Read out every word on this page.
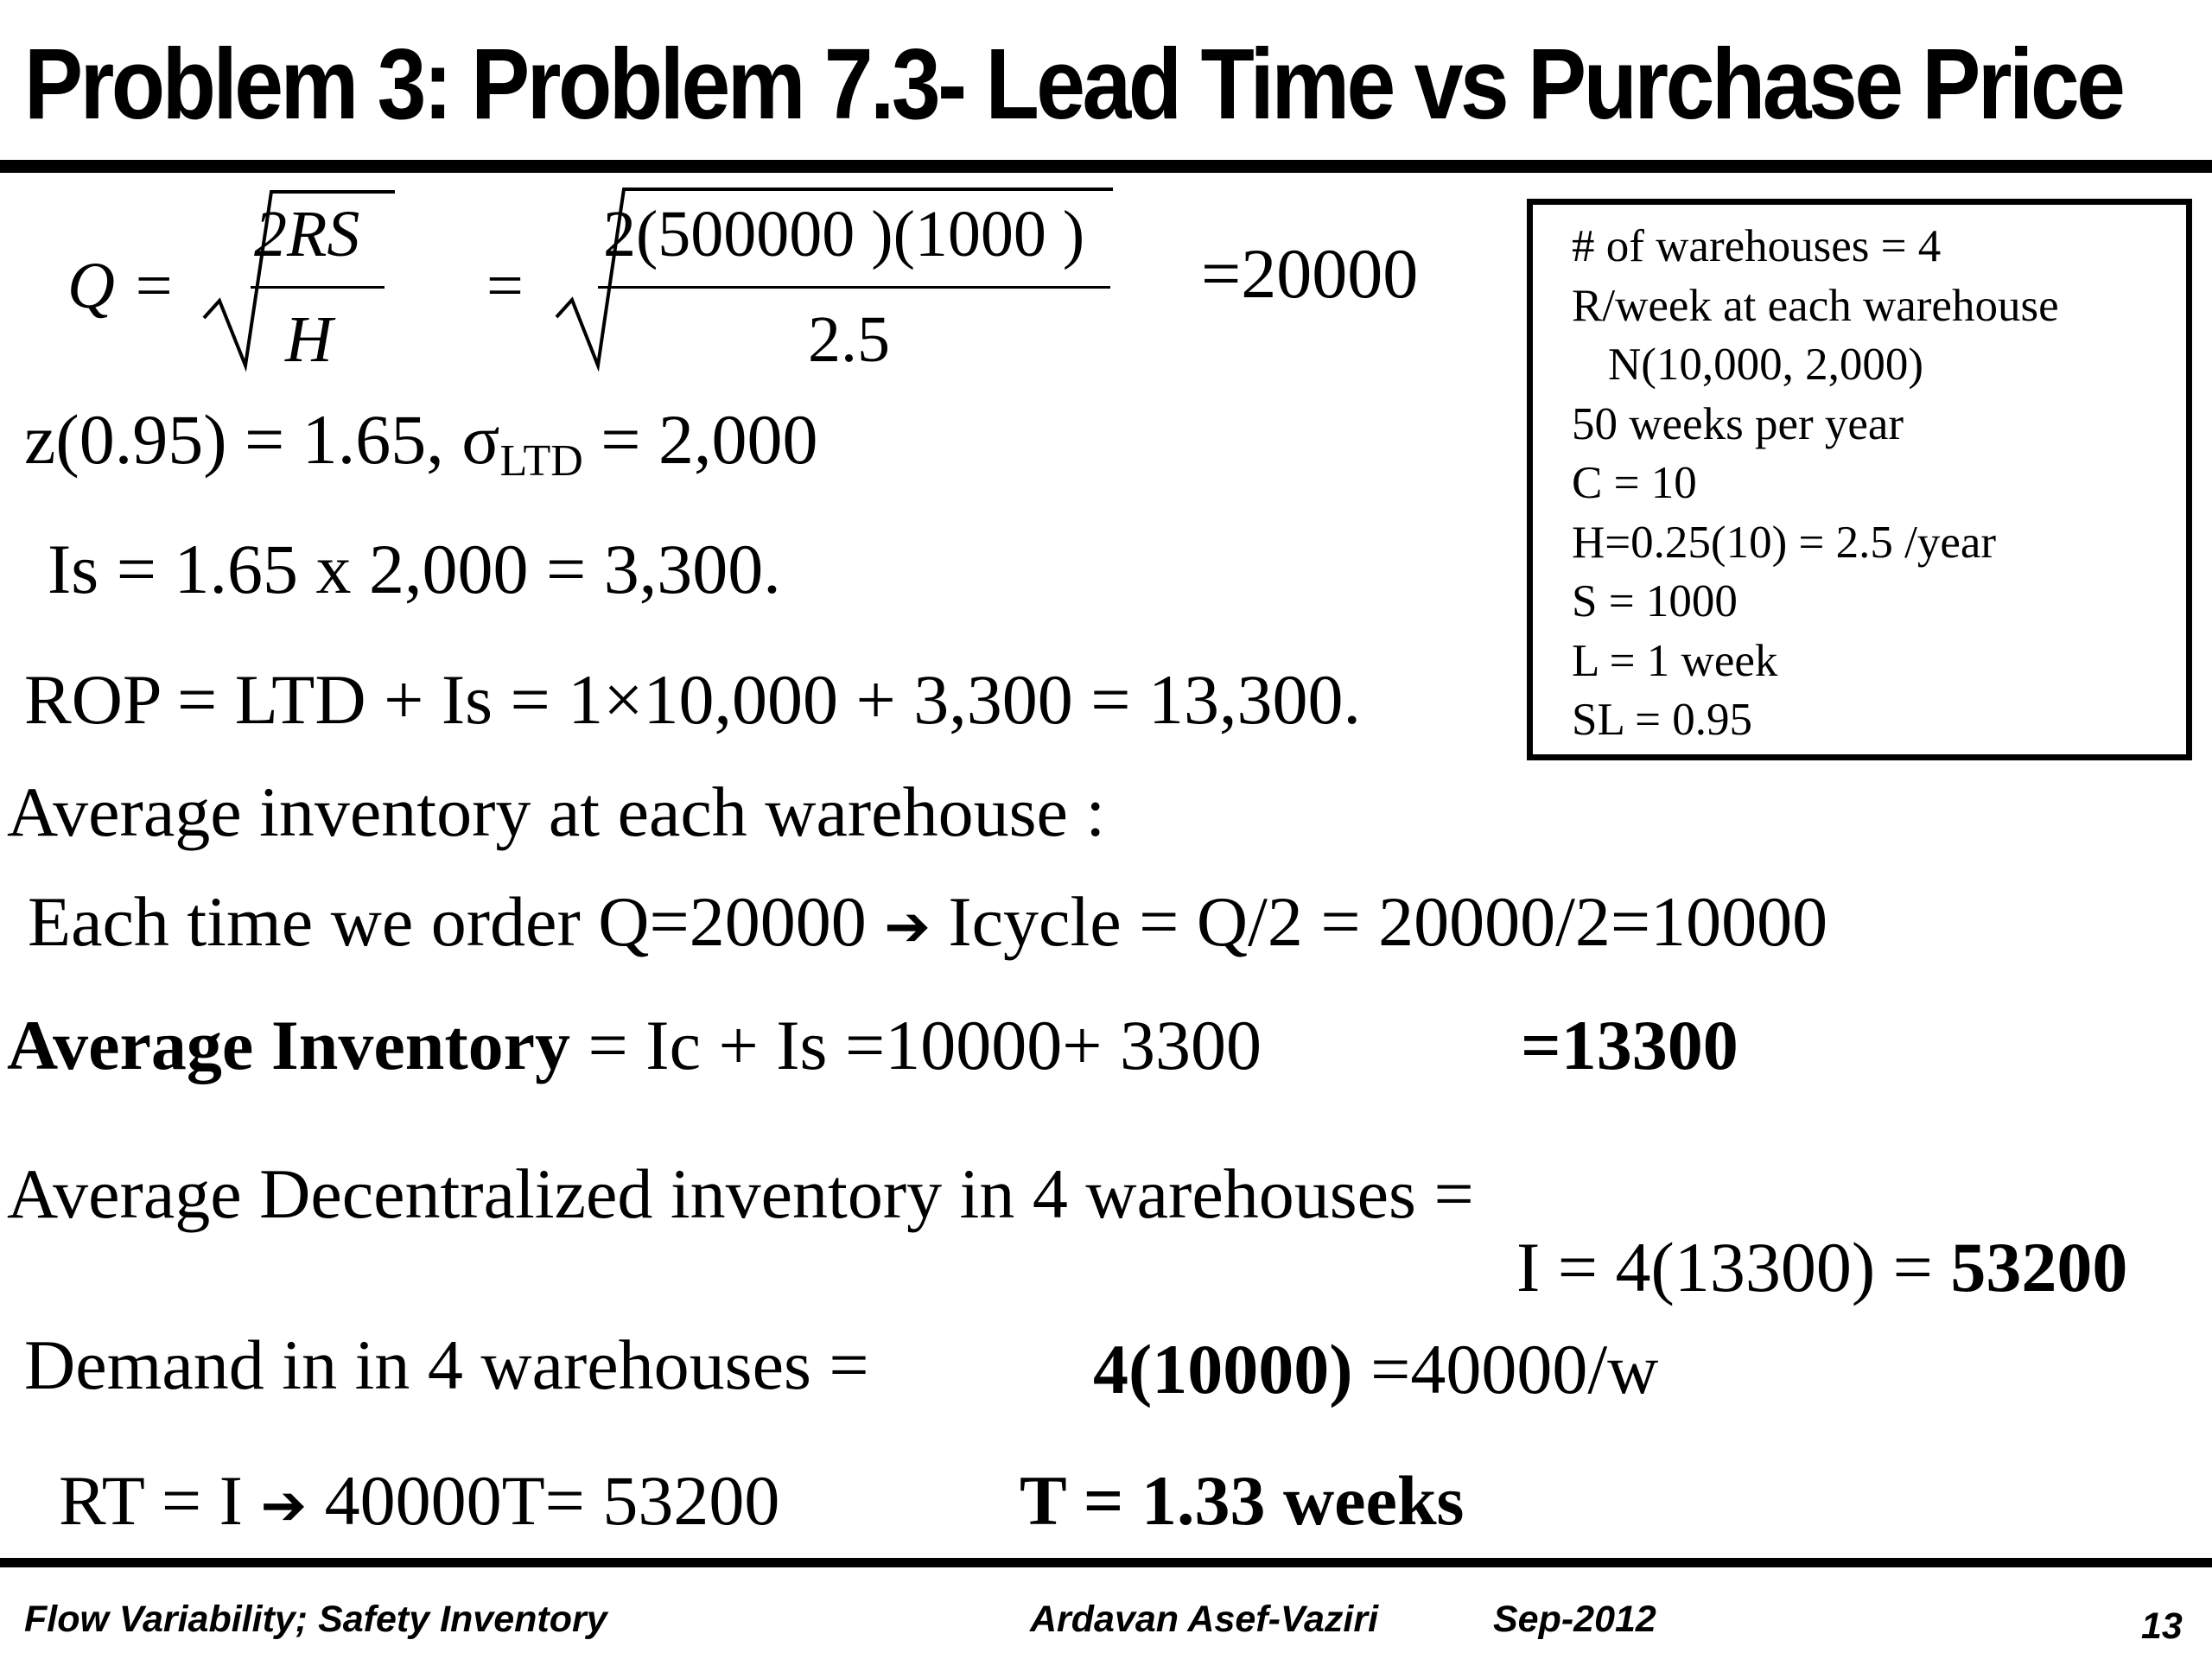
Problem 3: Problem 7.3- Lead Time vs Purchase Price
Q =
2RS
H
=
2(500000 )(1000 )
2.5
=20000
z(0.95) = 1.65, $\sigma_{LTD} = 2,000$
Is = 1.65 x 2,000 = 3,300.
ROP = LTD + Is = 1×10,000 + 3,300 = 13,300.
Average inventory at each warehouse :
Each time we order Q=20000 ➔ Icycle = Q/2 = 20000/2=10000
Average Inventory = Ic + Is =10000+ 3300	=13300
Average Decentralized inventory in 4 warehouses =
I = 4(13300) = 53200
Demand in in 4 warehouses =	4(10000) =40000/w
RT = I ➔ 40000T= 53200	T = 1.33 weeks
# of warehouses = 4
R/week at each warehouse
N(10,000, 2,000)
50 weeks per year
C = 10
H=0.25(10) = 2.5 /year
S = 1000
L = 1 week
SL = 0.95
Flow Variability; Safety Inventory	Ardavan Asef-Vaziri	Sep-2012	13
